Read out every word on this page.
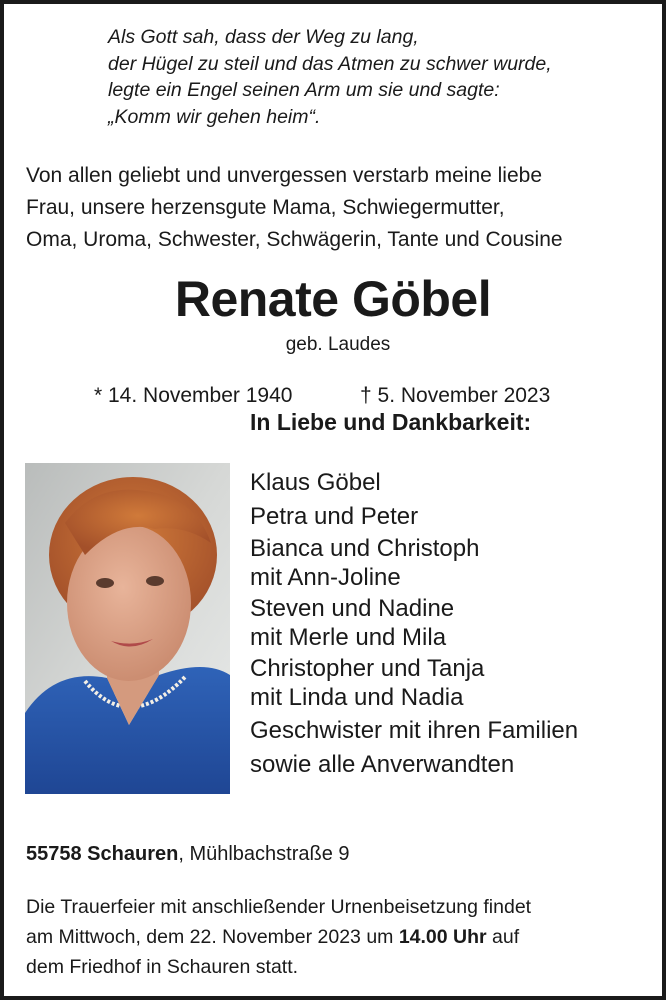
Als Gott sah, dass der Weg zu lang,
der Hügel zu steil und das Atmen zu schwer wurde,
legte ein Engel seinen Arm um sie und sagte:
„Komm wir gehen heim“.
Von allen geliebt und unvergessen verstarb meine liebe
Frau, unsere herzensgute Mama, Schwiegermutter,
Oma, Uroma, Schwester, Schwägerin, Tante und Cousine
Renate Göbel
geb. Laudes
* 14. November 1940	† 5. November 2023
In Liebe und Dankbarkeit:
Klaus Göbel
Petra und Peter
Bianca und Christoph
mit Ann-Joline
Steven und Nadine
mit Merle und Mila
Christopher und Tanja
mit Linda und Nadia
Geschwister mit ihren Familien
sowie alle Anverwandten
55758 Schauren, Mühlbachstraße 9
Die Trauerfeier mit anschließender Urnenbeisetzung findet
am Mittwoch, dem 22. November 2023 um 14.00 Uhr auf
dem Friedhof in Schauren statt.
